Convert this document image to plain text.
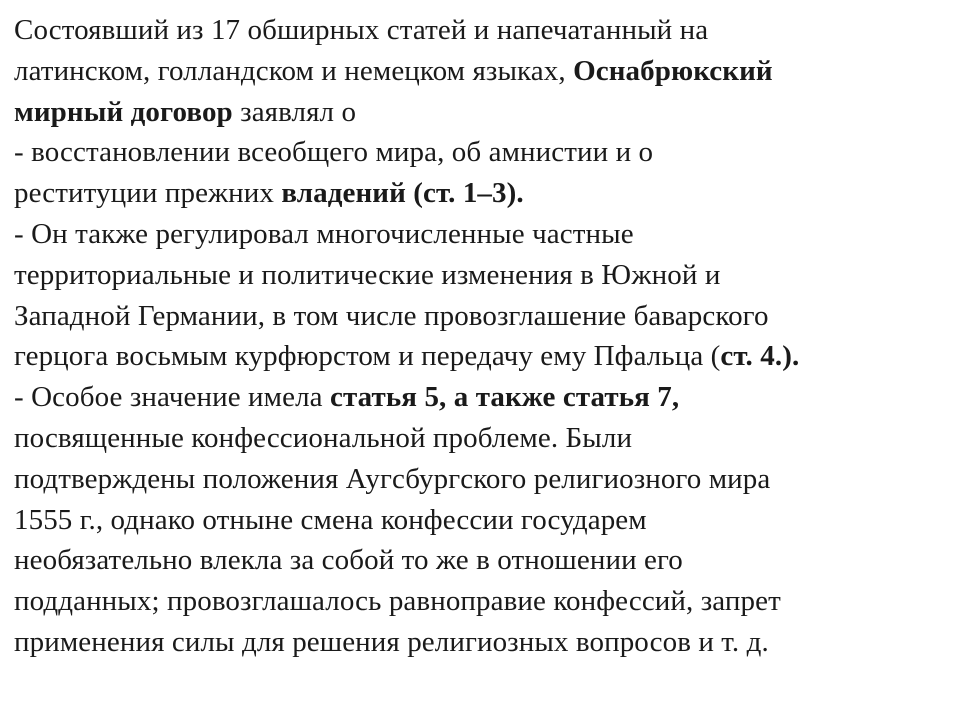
Состоявший из 17 обширных статей и напечатанный на
латинском, голландском и немецком языках, Оснабрюкский
мирный договор заявлял о
- восстановлении всеобщего мира, об амнистии и о
реституции прежних владений (ст. 1–3).
- Он также регулировал многочисленные частные
территориальные и политические изменения в Южной и
Западной Германии, в том числе провозглашение баварского
герцога восьмым курфюрстом и передачу ему Пфальца (ст. 4.).
- Особое значение имела статья 5, а также статья 7,
посвященные конфессиональной проблеме. Были
подтверждены положения Аугсбургского религиозного мира
1555 г., однако отныне смена конфессии государем
необязательно влекла за собой то же в отношении его
подданных; провозглашалось равноправие конфессий, запрет
применения силы для решения религиозных вопросов и т. д.
